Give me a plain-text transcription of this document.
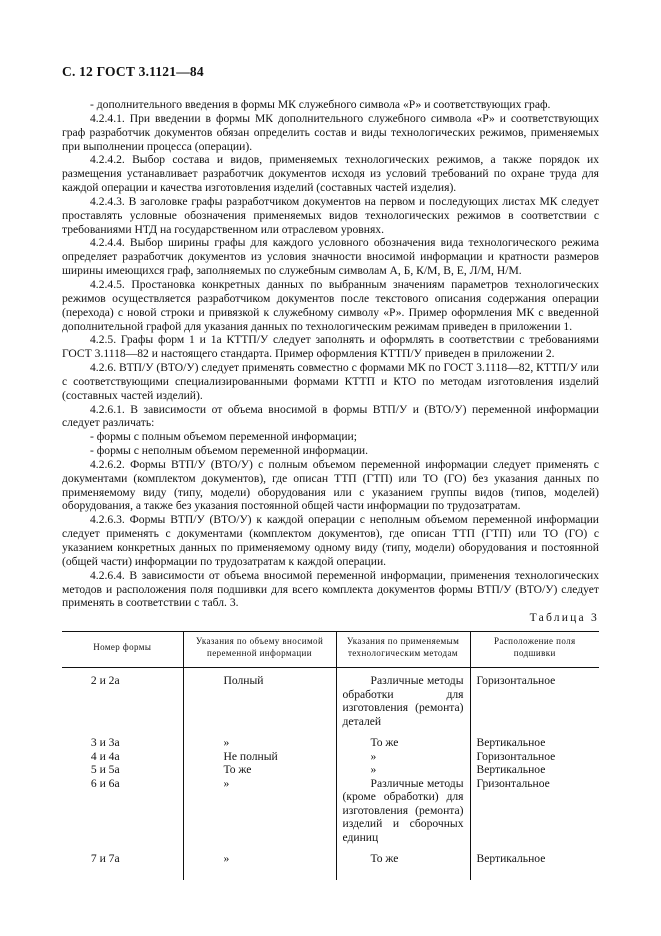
С. 12 ГОСТ 3.1121—84

- дополнительного введения в формы МК служебного символа «Р» и соответствующих граф.

4.2.4.1. При введении в формы МК дополнительного служебного символа «Р» и соответствующих граф разработчик документов обязан определить состав и виды технологических режимов, применяемых при выполнении процесса (операции).

4.2.4.2. Выбор состава и видов, применяемых технологических режимов, а также порядок их размещения устанавливает разработчик документов исходя из условий требований по охране труда для каждой операции и качества изготовления изделий (составных частей изделия).

4.2.4.3. В заголовке графы разработчиком документов на первом и последующих листах МК следует проставлять условные обозначения применяемых видов технологических режимов в соответствии с требованиями НТД на государственном или отраслевом уровнях.

4.2.4.4. Выбор ширины графы для каждого условного обозначения вида технологического режима определяет разработчик документов из условия значности вносимой информации и кратности размеров ширины имеющихся граф, заполняемых по служебным символам А, Б, К/М, В, Е, Л/М, Н/М.

4.2.4.5. Простановка конкретных данных по выбранным значениям параметров технологических режимов осуществляется разработчиком документов после текстового описания содержания операции (перехода) с новой строки и привязкой к служебному символу «Р». Пример оформления МК с введенной дополнительной графой для указания данных по технологическим режимам приведен в приложении 1.

4.2.5. Графы форм 1 и 1а КТТП/У следует заполнять и оформлять в соответствии с требованиями ГОСТ 3.1118—82 и настоящего стандарта. Пример оформления КТТП/У приведен в приложении 2.

4.2.6. ВТП/У (ВТО/У) следует применять совместно с формами МК по ГОСТ 3.1118—82, КТТП/У или с соответствующими специализированными формами КТТП и КТО по методам изготовления изделий (составных частей изделий).

4.2.6.1. В зависимости от объема вносимой в формы ВТП/У и (ВТО/У) переменной информации следует различать:

- формы с полным объемом переменной информации;

- формы с неполным объемом переменной информации.

4.2.6.2. Формы ВТП/У (ВТО/У) с полным объемом переменной информации следует применять с документами (комплектом документов), где описан ТТП (ГТП) или ТО (ГО) без указания данных по применяемому виду (типу, модели) оборудования или с указанием группы видов (типов, моделей) оборудования, а также без указания постоянной общей части информации по трудозатратам.

4.2.6.3. Формы ВТП/У (ВТО/У) к каждой операции с неполным объемом переменной информации следует применять с документами (комплектом документов), где описан ТТП (ГТП) или ТО (ГО) с указанием конкретных данных по применяемому одному виду (типу, модели) оборудования и постоянной (общей части) информации по трудозатратам к каждой операции.

4.2.6.4. В зависимости от объема вносимой переменной информации, применения технологических методов и расположения поля подшивки для всего комплекта документов формы ВТП/У (ВТО/У) следует применять в соответствии с табл. 3.

Таблица 3
Номер формы	Указания по объему вносимой переменной информации	Указания по применяемым технологическим методам	Расположение поля подшивки
2 и 2а	Полный	Различные методы обработки для изготовления (ремонта) деталей	Горизонтальное

3 и 3а	»	То же	Вертикальное
4 и 4а	Не полный	»	Горизонтальное
5 и 5а	То же	»	Вертикальное
6 и 6а	»	Различные методы (кроме обработки) для изготовления (ремонта) изделий и сборочных единиц	Гризонтальное

7 и 7а	»	То же	Вертикальное
